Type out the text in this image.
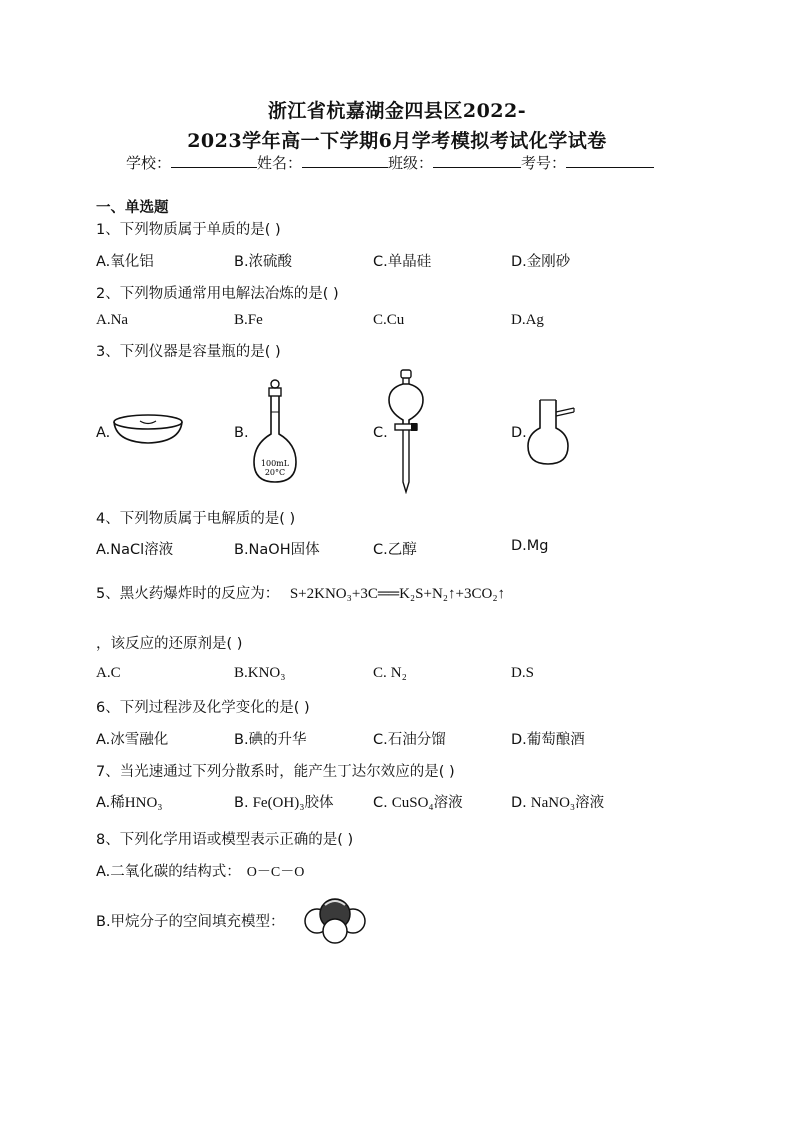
浙江省杭嘉湖金四县区2022-
2023学年高一下学期6月学考模拟考试化学试卷
学校：	姓名：	班级：	考号：
一、单选题
1、下列物质属于单质的是( )
A.氧化铝	B.浓硫酸	C.单晶硅	D.金刚砂
2、下列物质通常用电解法冶炼的是( )
A.Na	B.Fe	C.Cu	D.Ag
3、下列仪器是容量瓶的是( )
A.	B.	C.	D.
100mL
20°C
4、下列物质属于电解质的是( )
A.NaCl溶液	B.NaOH固体	C.乙醇	D.Mg
5、黑火药爆炸时的反应为： S+2KNO₃+3C══K₂S+N₂↑+3CO₂↑
，该反应的还原剂是( )
A.C	B.KNO₃	C. N₂	D.S
6、下列过程涉及化学变化的是( )
A.冰雪融化	B.碘的升华	C.石油分馏	D.葡萄酿酒
7、当光速通过下列分散系时，能产生丁达尔效应的是( )
A.稀HNO₃	B. Fe(OH)₃胶体	C. CuSO₄溶液	D. NaNO₃溶液
8、下列化学用语或模型表示正确的是( )
A.二氧化碳的结构式： O－C－O
B.甲烷分子的空间填充模型：
